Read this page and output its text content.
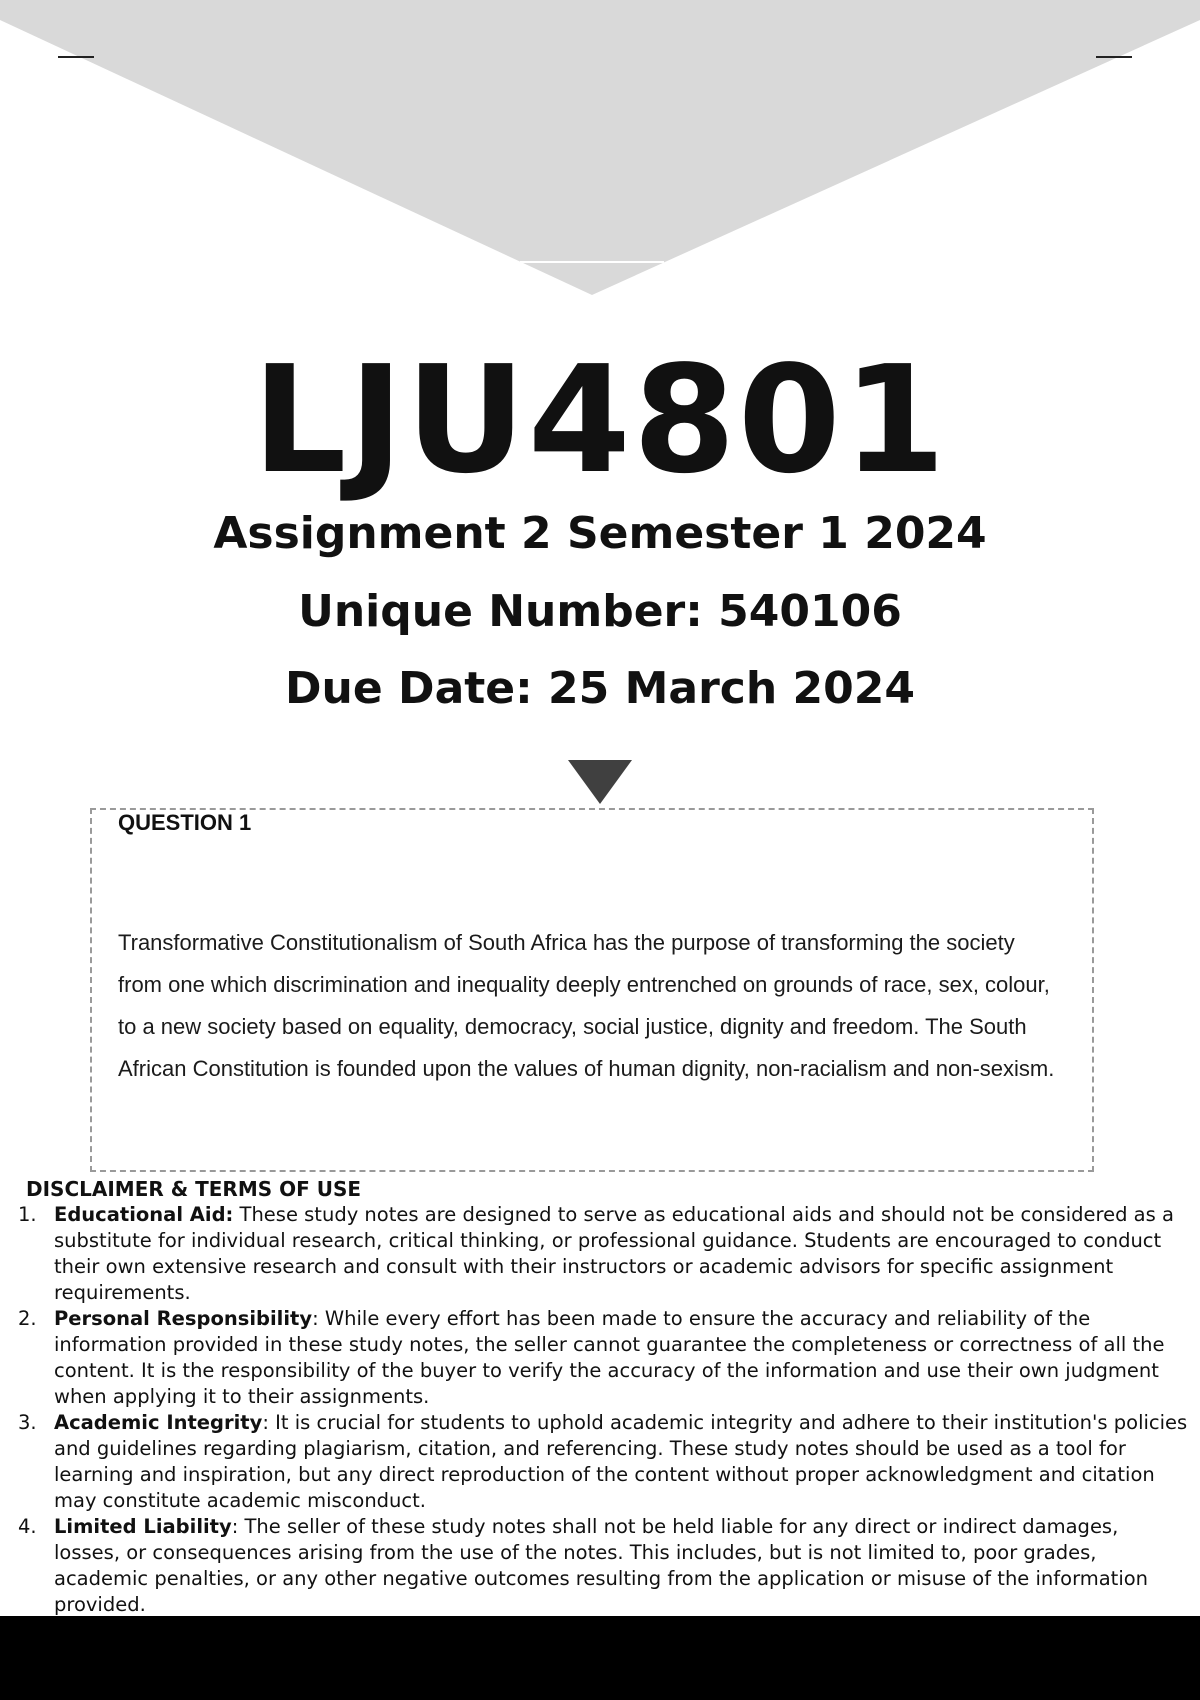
LJU4801
Assignment 2 Semester 1 2024
Unique Number: 540106
Due Date: 25 March 2024
QUESTION 1
Transformative Constitutionalism of South Africa has the purpose of transforming the society from one which discrimination and inequality deeply entrenched on grounds of race, sex, colour, to a new society based on equality, democracy, social justice, dignity and freedom. The South African Constitution is founded upon the values of human dignity, non-racialism and non-sexism.
DISCLAIMER & TERMS OF USE
1. Educational Aid: These study notes are designed to serve as educational aids and should not be considered as a substitute for individual research, critical thinking, or professional guidance. Students are encouraged to conduct their own extensive research and consult with their instructors or academic advisors for specific assignment requirements.
2. Personal Responsibility: While every effort has been made to ensure the accuracy and reliability of the information provided in these study notes, the seller cannot guarantee the completeness or correctness of all the content. It is the responsibility of the buyer to verify the accuracy of the information and use their own judgment when applying it to their assignments.
3. Academic Integrity: It is crucial for students to uphold academic integrity and adhere to their institution's policies and guidelines regarding plagiarism, citation, and referencing. These study notes should be used as a tool for learning and inspiration, but any direct reproduction of the content without proper acknowledgment and citation may constitute academic misconduct.
4. Limited Liability: The seller of these study notes shall not be held liable for any direct or indirect damages, losses, or consequences arising from the use of the notes. This includes, but is not limited to, poor grades, academic penalties, or any other negative outcomes resulting from the application or misuse of the information provided.
